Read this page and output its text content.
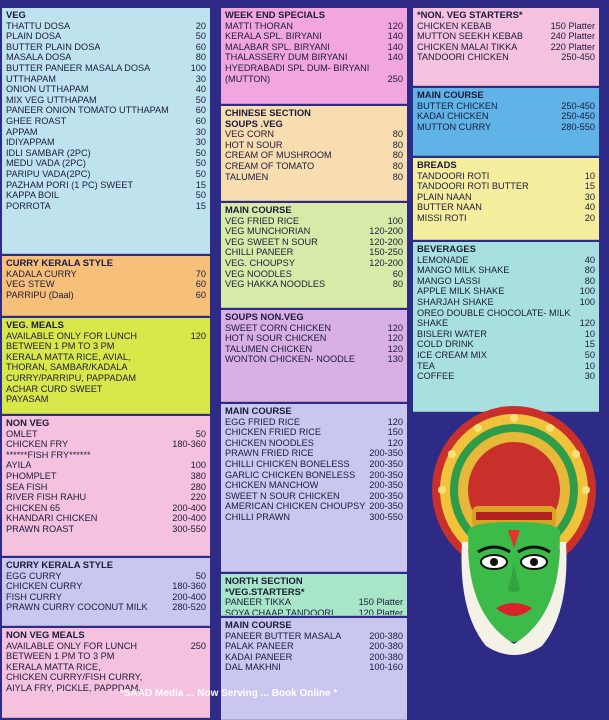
VEG
THATTU DOSA	20
PLAIN DOSA	50
BUTTER PLAIN DOSA	60
MASALA DOSA	80
BUTTER PANEER MASALA DOSA	100
UTTHAPAM	30
ONION UTTHAPAM	40
MIX VEG UTTHAPAM	50
PANEER ONION TOMATO UTTHAPAM	60
GHEE ROAST	60
APPAM	30
IDIYAPPAM	30
IDLI SAMBAR (2PC)	50
MEDU VADA (2PC)	50
PARIPU VADA(2PC)	50
PAZHAM PORI (1 PC) SWEET	15
KAPPA BOIL	50
PORROTA	15
CURRY KERALA STYLE
KADALA CURRY	70
VEG STEW	60
PARRIPU (Daal)	60
VEG. MEALS
AVAILABLE ONLY FOR LUNCH	120
BETWEEN 1 PM TO 3 PM
KERALA MATTA RICE, AVIAL,
THORAN, SAMBAR/KADALA
CURRY/PARRIPU, PAPPADAM
ACHAR CURD SWEET
PAYASAM
NON VEG
OMLET	50
CHICKEN FRY	180-360
******FISH FRY******
AYILA	100
PHOMPLET	380
SEA FISH	280
RIVER FISH RAHU	220
CHICKEN 65	200-400
KHANDARI CHICKEN	200-400
PRAWN ROAST	300-550
CURRY KERALA STYLE
EGG CURRY	50
CHICKEN CURRY	180-360
FISH CURRY	200-400
PRAWN CURRY COCONUT MILK	280-520
NON VEG MEALS
AVAILABLE ONLY FOR LUNCH	250
BETWEEN 1 PM TO 3 PM
KERALA MATTA RICE,
CHICKEN CURRY/FISH CURRY,
AIYLA FRY, PICKLE, PAPPDAM,
WEEK END SPECIALS
MATTI THORAN	120
KERALA SPL. BIRYANI	140
MALABAR SPL. BIRYANI	140
THALASSERY DUM BIRYANI	140
HYEDRABADI SPL DUM- BIRYANI (MUTTON)	250
CHINESE SECTION
SOUPS .VEG
VEG CORN	80
HOT N SOUR	80
CREAM OF MUSHROOM	80
CREAM OF TOMATO	80
TALUMEN	80
MAIN COURSE
VEG FRIED RICE	100
VEG MUNCHORIAN	120-200
VEG SWEET N SOUR	120-200
CHILLI PANEER	150-250
VEG. CHOUPSY	120-200
VEG NOODLES	60
VEG HAKKA NOODLES	80
SOUPS NON.VEG
SWEET CORN CHICKEN	120
HOT N SOUR CHICKEN	120
TALUMEN CHICKEN	120
WONTON CHICKEN- NOODLE	130
MAIN COURSE
EGG FRIED RICE	120
CHICKEN FRIED RICE	150
CHICKEN NOODLES	120
PRAWN FRIED RICE	200-350
CHILLI CHICKEN BONELESS	200-350
GARLIC CHICKEN BONELESS	200-350
CHICKEN MANCHOW	200-350
SWEET N SOUR CHICKEN	200-350
AMERICAN CHICKEN CHOUPSY 200-350
CHILLI PRAWN	300-550
NORTH SECTION
*VEG.STARTERS*
PANEER TIKKA	150 Platter
SOYA CHAAP TANDOORI	120 Platter
MAIN COURSE
PANEER BUTTER MASALA	200-380
PALAK PANEER	200-380
KADAI PANEER	200-380
DAL MAKHNI	100-160
*NON. VEG STARTERS*
CHICKEN KEBAB	150 Platter
MUTTON SEEKH KEBAB	240 Platter
CHICKEN MALAI TIKKA	220 Platter
TANDOORI CHICKEN	250-450
MAIN COURSE
BUTTER CHICKEN	250-450
KADAI CHICKEN	250-450
MUTTON CURRY	280-550
BREADS
TANDOORI ROTI	10
TANDOORI ROTI BUTTER	15
PLAIN NAAN	30
BUTTER NAAN	40
MISSI ROTI	20
BEVERAGES
LEMONADE	40
MANGO MILK SHAKE	80
MANGO LASSI	80
APPLE MILK SHAKE	100
SHARJAH SHAKE	100
OREO DOUBLE CHOCOLATE- MILK SHAKE	120
BISLERI WATER	10
COLD DRINK	15
ICE CREAM MIX	50
TEA	10
COFFEE	30
*SAAD Media ... Now Serving ... Book Online *
